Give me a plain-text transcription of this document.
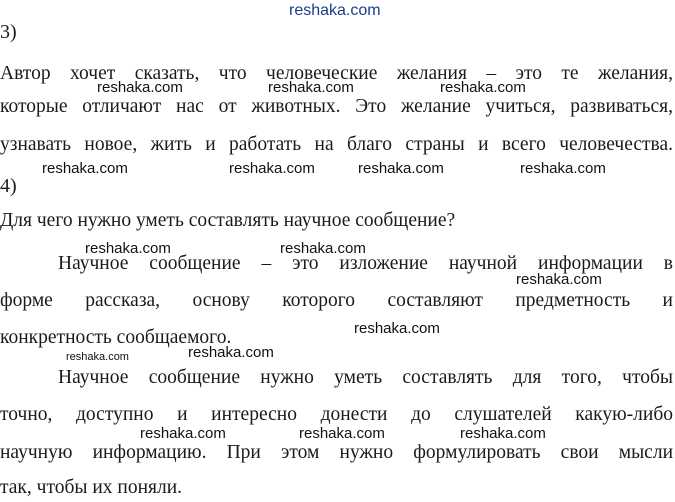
reshaka.com
3)
Автор хочет сказать, что человеческие желания – это те желания,
reshaka.com	reshaka.com	reshaka.com
которые отличают нас от животных. Это желание учиться, развиваться,
узнавать новое, жить и работать на благо страны и всего человечества.
reshaka.com	reshaka.com	reshaka.com	reshaka.com
4)
Для чего нужно уметь составлять научное сообщение?
reshaka.com	reshaka.com
Научное сообщение – это изложение научной информации в
reshaka.com
форме рассказа, основу которого составляют предметность и
reshaka.com
конкретность сообщаемого.
reshaka.com
reshaka.com
Научное сообщение нужно уметь составлять для того, чтобы
точно, доступно и интересно донести до слушателей какую-либо
reshaka.com	reshaka.com	reshaka.com
научную информацию. При этом нужно формулировать свои мысли
так, чтобы их поняли.
